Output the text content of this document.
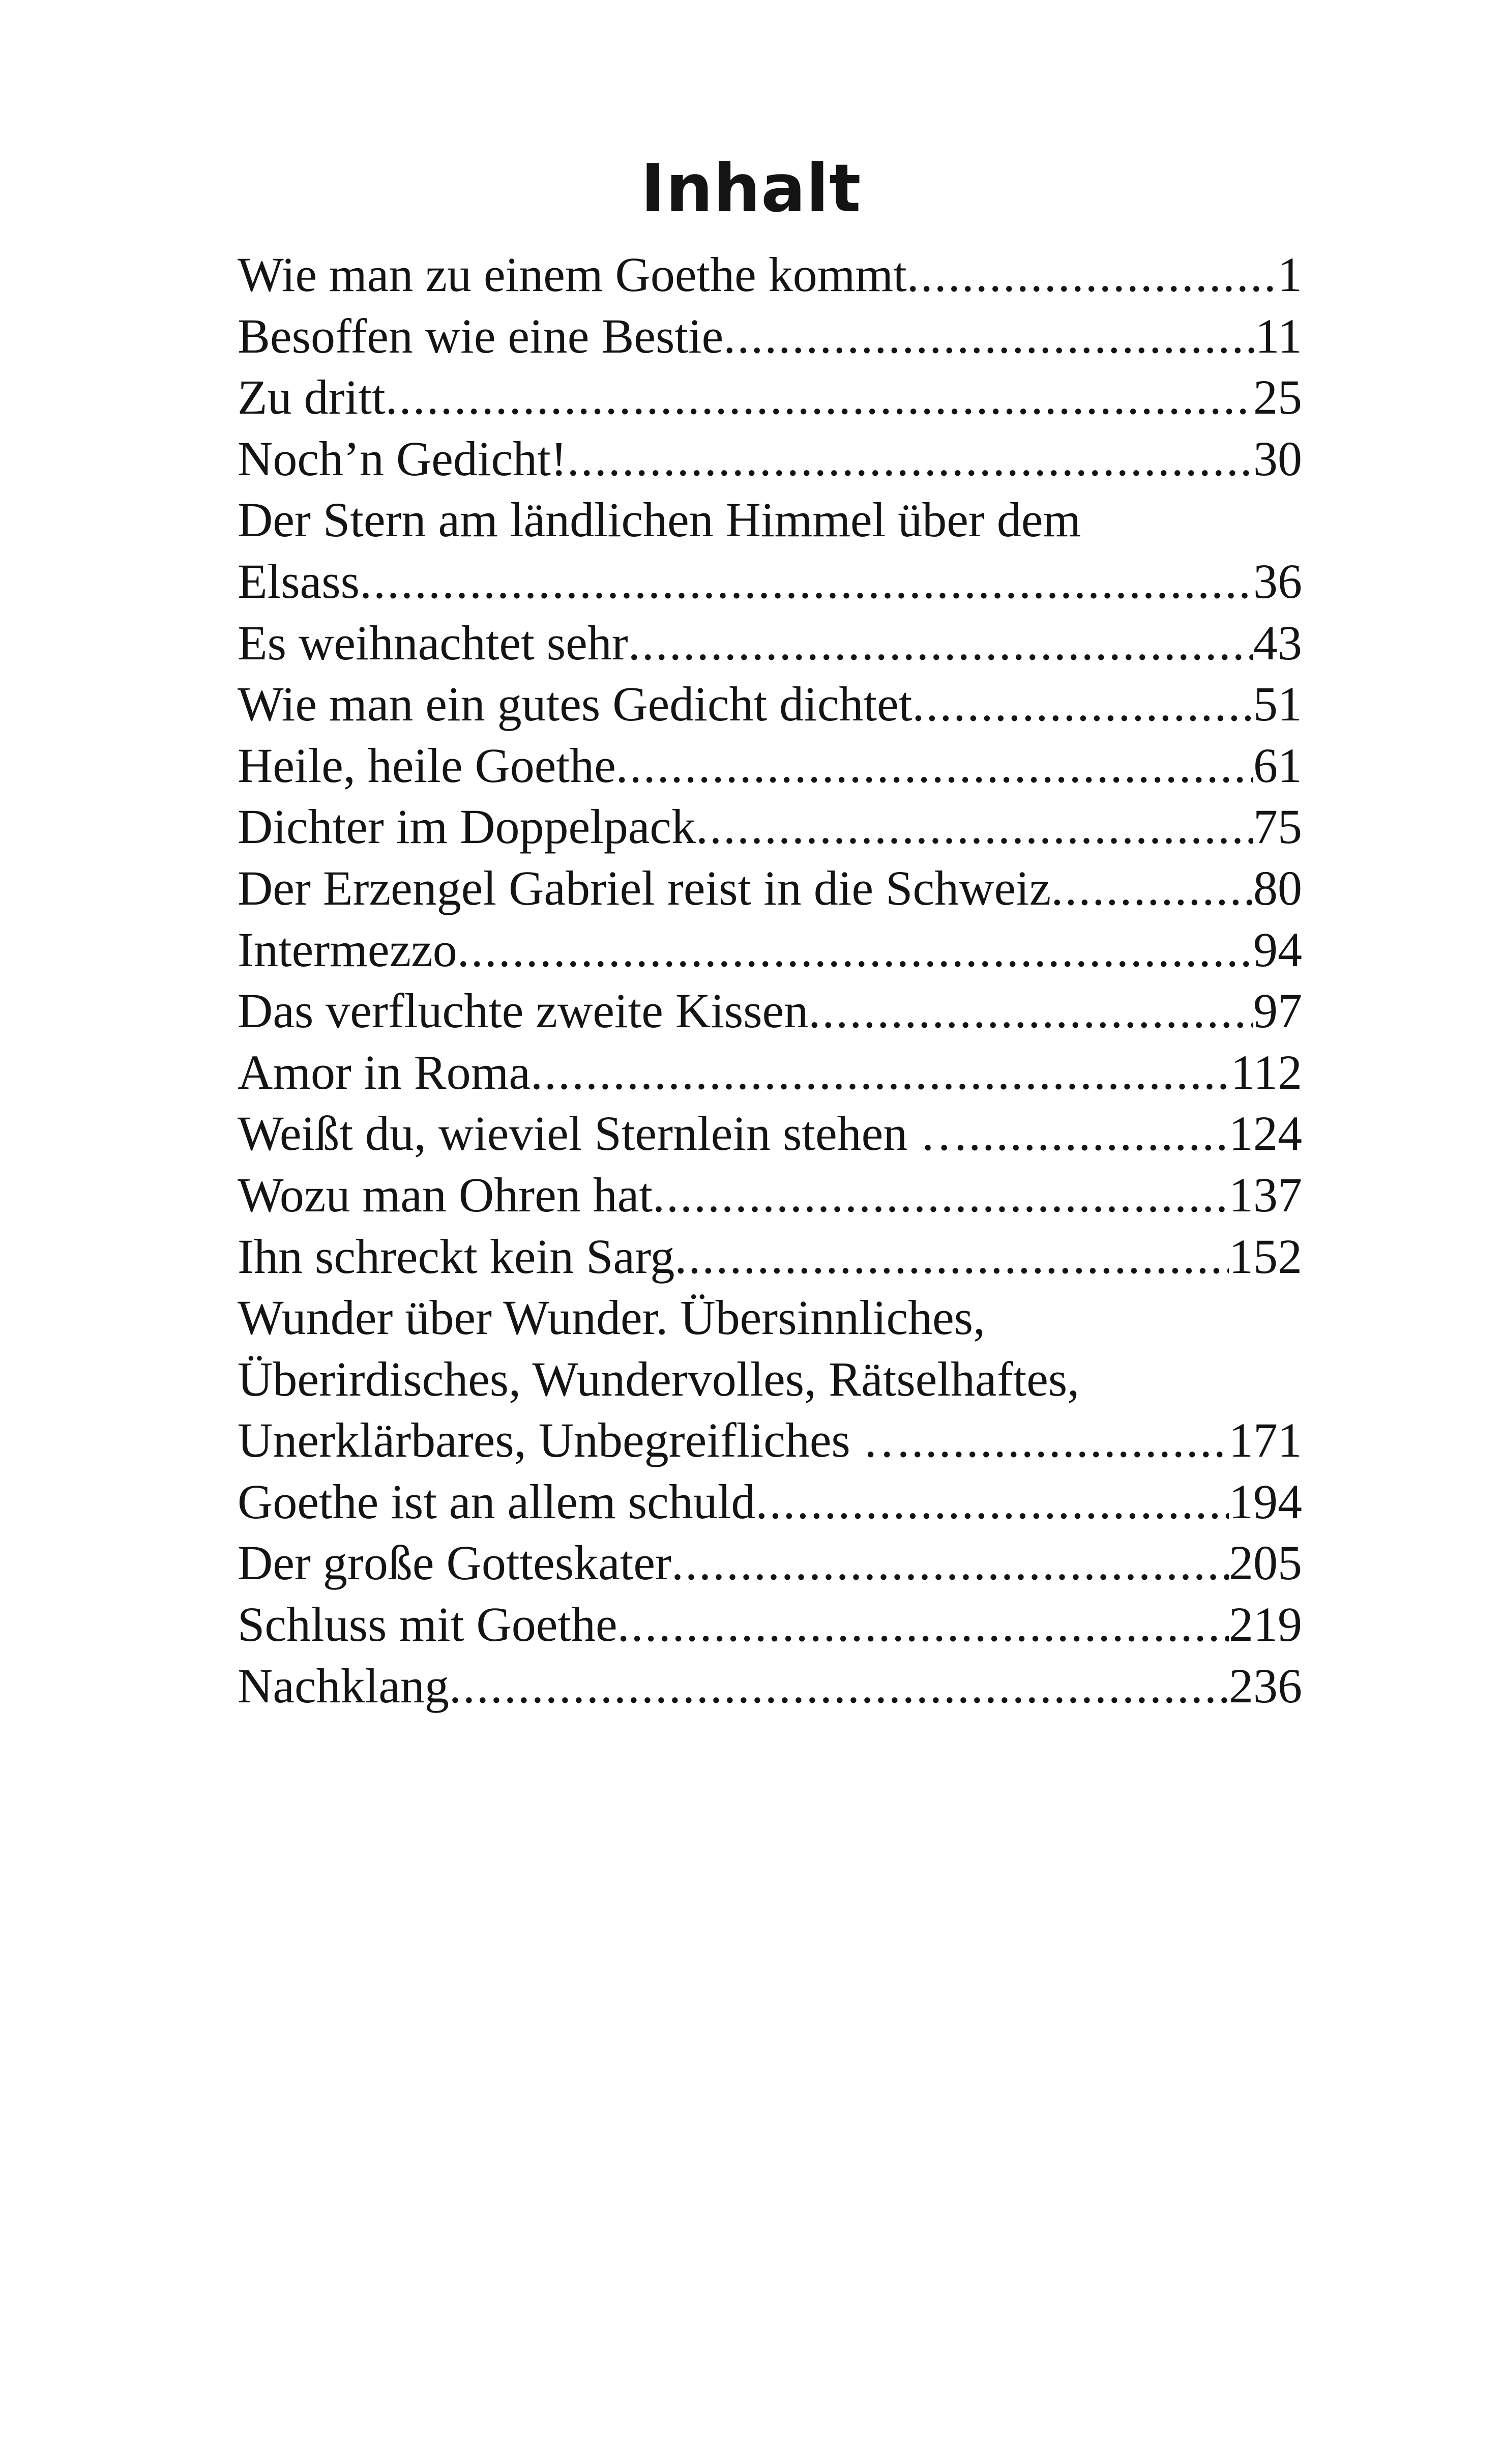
Inhalt
Wie man zu einem Goethe kommt .....	1
Besoffen wie eine Bestie .....	11
Zu dritt .....	25
Noch’n Gedicht! .....	30
Der Stern am ländlichen Himmel über dem
Elsass .....	36
Es weihnachtet sehr .....	43
Wie man ein gutes Gedicht dichtet .....	51
Heile, heile Goethe .....	61
Dichter im Doppelpack .....	75
Der Erzengel Gabriel reist in die Schweiz .....	80
Intermezzo .....	94
Das verfluchte zweite Kissen .....	97
Amor in Roma .....	112
Weißt du, wieviel Sternlein stehen … .....	124
Wozu man Ohren hat .....	137
Ihn schreckt kein Sarg .....	152
Wunder über Wunder. Übersinnliches,
Überirdisches, Wundervolles, Rätselhaftes,
Unerklärbares, Unbegreifliches … .....	171
Goethe ist an allem schuld .....	194
Der große Gotteskater .....	205
Schluss mit Goethe .....	219
Nachklang .....	236
